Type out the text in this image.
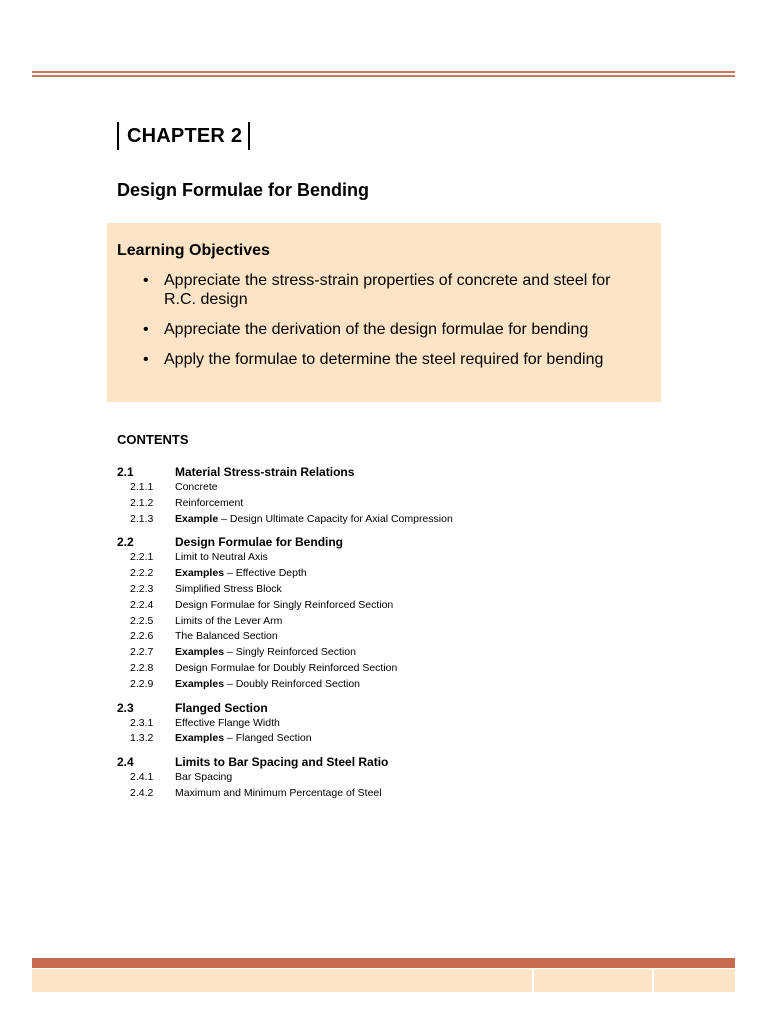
CHAPTER 2
Design Formulae for Bending
Learning Objectives
• Appreciate the stress-strain properties of concrete and steel for R.C. design
• Appreciate the derivation of the design formulae for bending
• Apply the formulae to determine the steel required for bending
CONTENTS
2.1	Material Stress-strain Relations
2.1.1 Concrete
2.1.2 Reinforcement
2.1.3 Example – Design Ultimate Capacity for Axial Compression
2.2	Design Formulae for Bending
2.2.1 Limit to Neutral Axis
2.2.2 Examples – Effective Depth
2.2.3 Simplified Stress Block
2.2.4 Design Formulae for Singly Reinforced Section
2.2.5 Limits of the Lever Arm
2.2.6 The Balanced Section
2.2.7 Examples – Singly Reinforced Section
2.2.8 Design Formulae for Doubly Reinforced Section
2.2.9 Examples – Doubly Reinforced Section
2.3	Flanged Section
2.3.1 Effective Flange Width
1.3.2 Examples – Flanged Section
2.4	Limits to Bar Spacing and Steel Ratio
2.4.1 Bar Spacing
2.4.2 Maximum and Minimum Percentage of Steel
